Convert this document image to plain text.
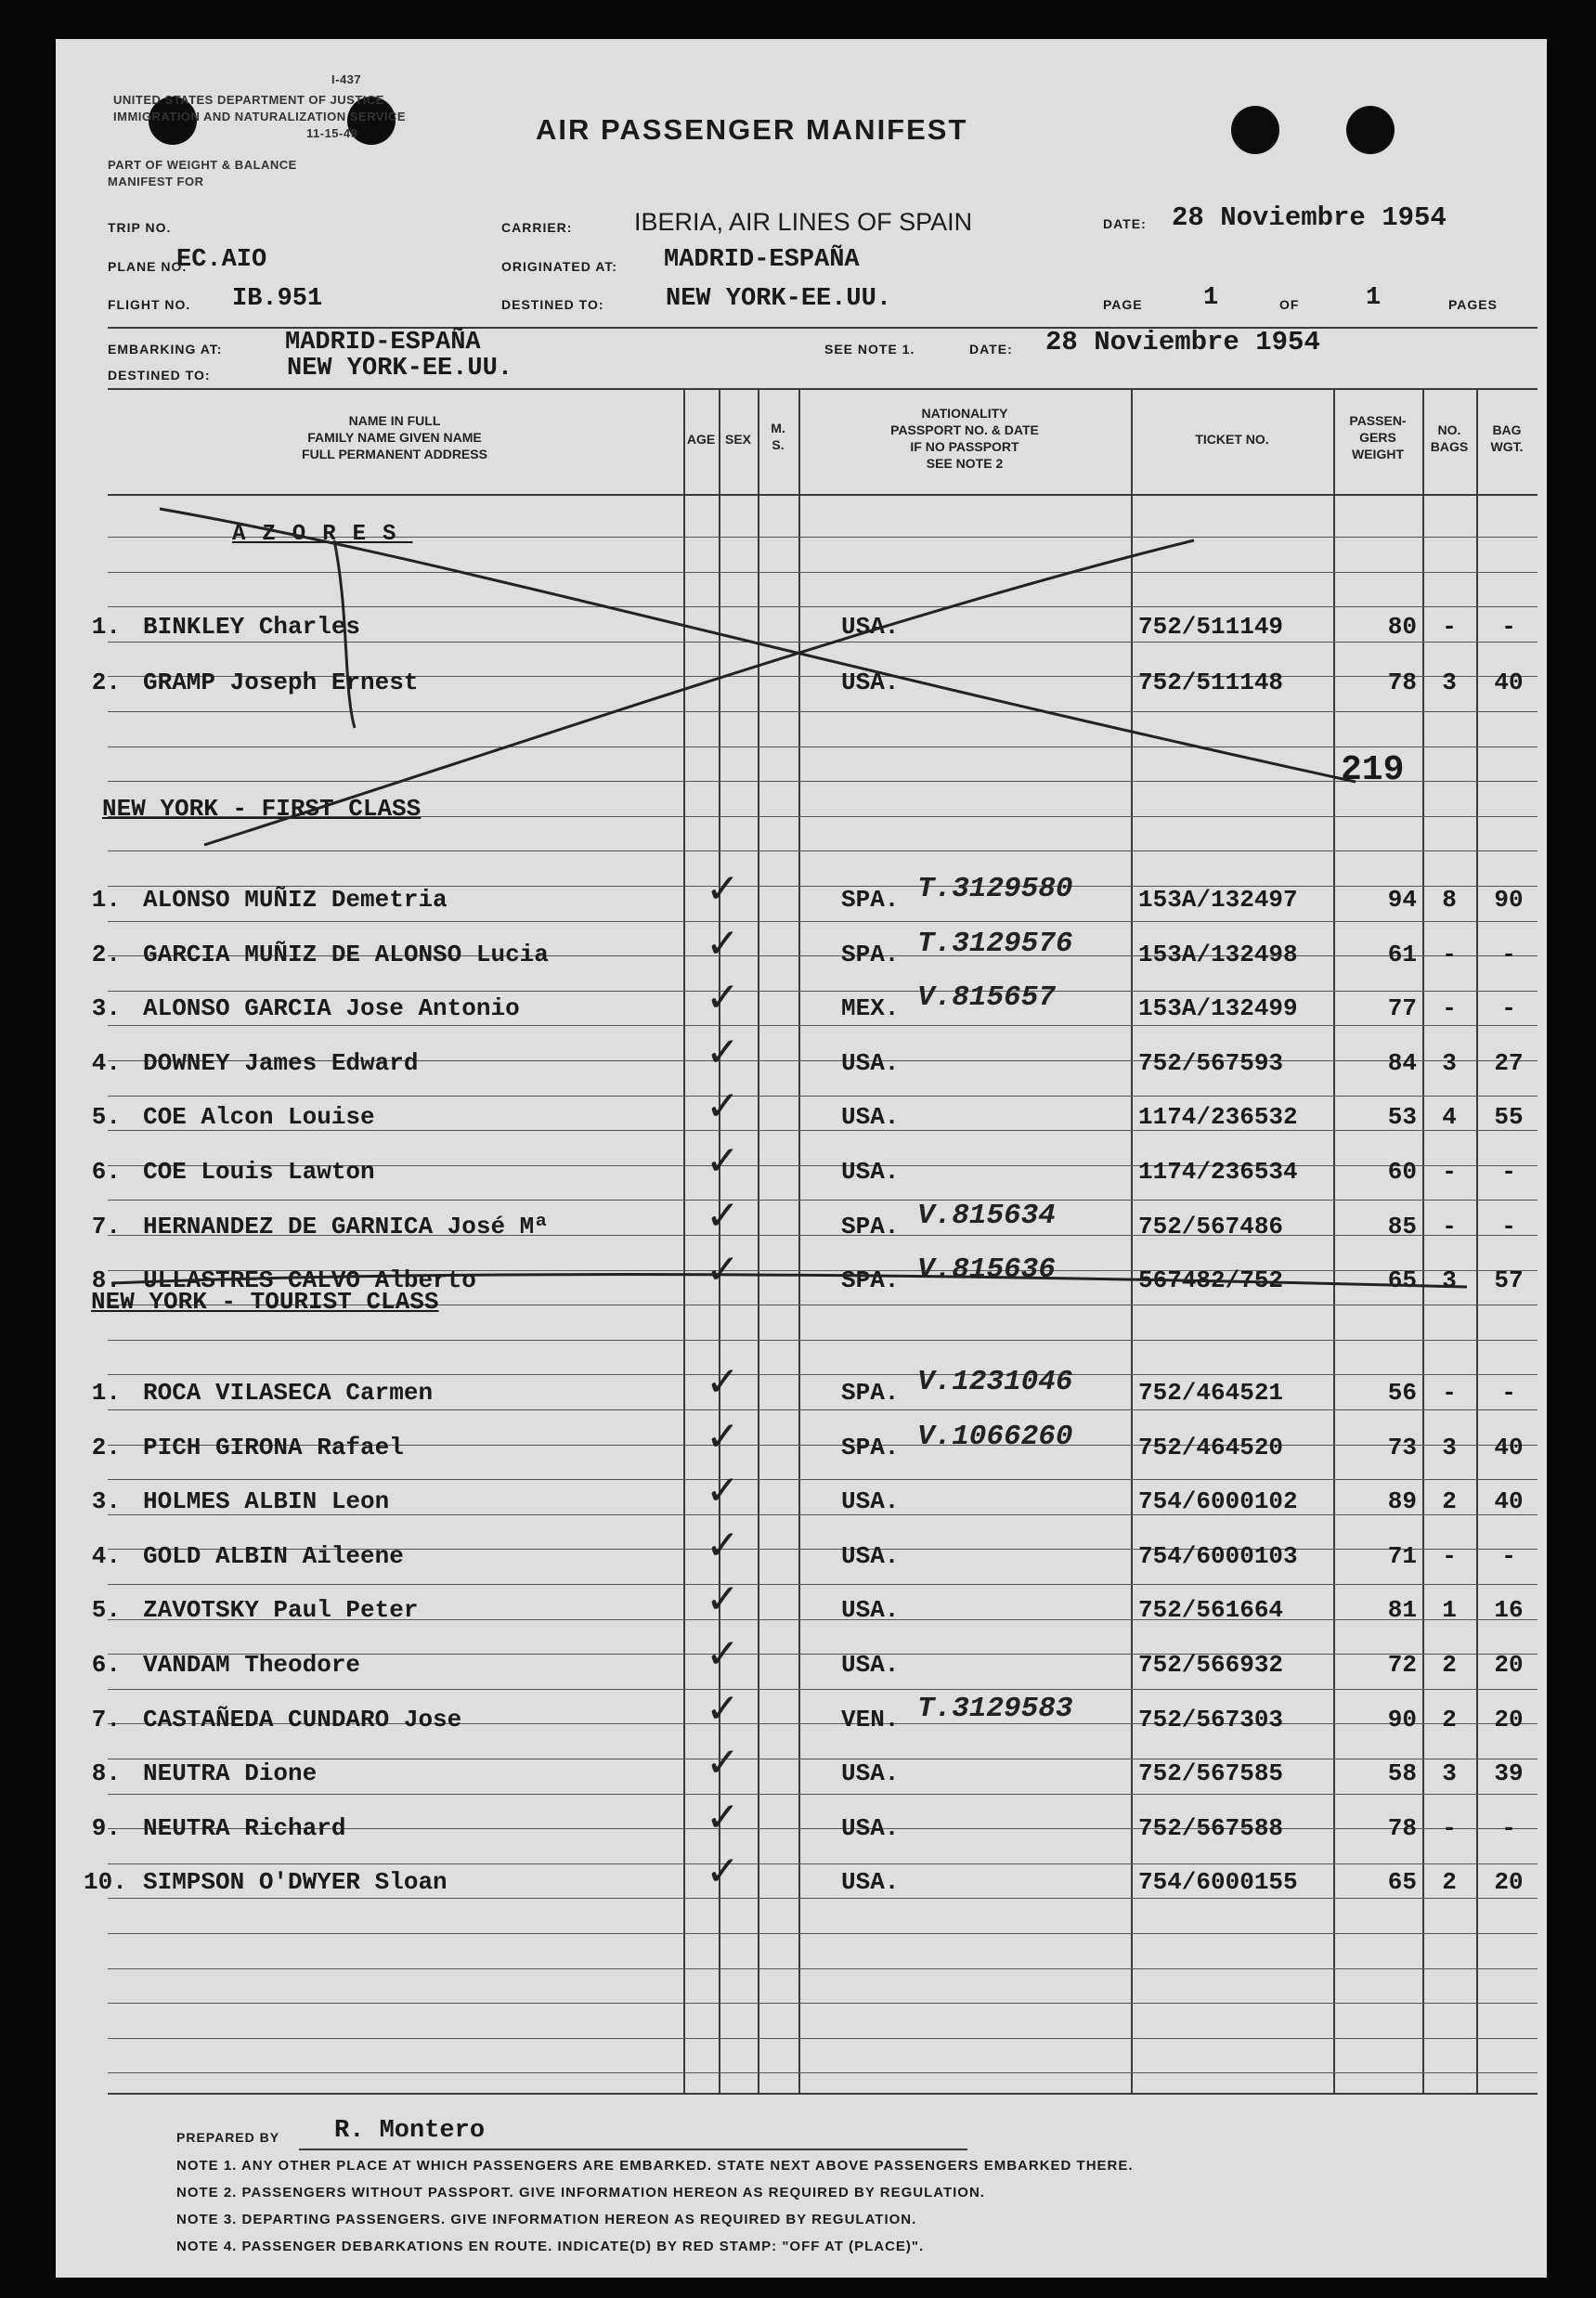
I-437
UNITED STATES DEPARTMENT OF JUSTICE
IMMIGRATION AND NATURALIZATION SERVICE
11-15-49
PART OF WEIGHT & BALANCE
MANIFEST FOR
AIR PASSENGER MANIFEST
TRIP NO.
PLANE NO.
EC.AIO
FLIGHT NO. IB.951
CARRIER: IBERIA, AIR LINES OF SPAIN
ORIGINATED AT: MADRID-ESPAÑA
DESTINED TO: NEW YORK-EE.UU.
DATE: 28 Noviembre 1954
PAGE 1	OF	1	PAGES
EMBARKING AT:	MADRID-ESPAÑA
DESTINED TO:	NEW YORK-EE.UU.
SEE NOTE 1.	DATE: 28 Noviembre 1954
NAME IN FULL
FAMILY NAME GIVEN NAME
FULL PERMANENT ADDRESS
AGE SEX
M. S.
NATIONALITY
PASSPORT NO. & DATE
IF NO PASSPORT
SEE NOTE 2
TICKET NO.
PASSEN-
GERS
WEIGHT
NO.
BAGS
BAG
WGT.
AZORES
219
NEW YORK - FIRST CLASS
NEW YORK - TOURIST CLASS
1. BINKLEY Charles	USA.	752/511149	80	-	-
2. GRAMP Joseph Ernest	USA.	752/511148	78	3	40
1. ALONSO MUÑIZ Demetria	SPA. T.3129580	153A/132497	94	8	90
✓
2. GARCIA MUÑIZ DE ALONSO Lucia	SPA. T.3129576	153A/132498	61	-	-
✓
3. ALONSO GARCIA Jose Antonio	MEX. V.815657	153A/132499	77	-	-
✓
4. DOWNEY James Edward	USA.	752/567593	84	3	27
✓
5. COE Alcon Louise	USA.	1174/236532	53	4	55
✓
6. COE Louis Lawton	USA.	1174/236534	60	-	-
✓
7. HERNANDEZ DE GARNICA José Mª	SPA. V.815634	752/567486	85	-	-
✓
8. ULLASTRES CALVO Alberto	SPA. V.815636	567482/752	65	3	57
✓
1. ROCA VILASECA Carmen	SPA. V.1231046	752/464521	56	-	-
✓
2. PICH GIRONA Rafael	SPA. V.1066260	752/464520	73	3	40
✓
3. HOLMES ALBIN Leon	USA.	754/6000102	89	2	40
✓
4. GOLD ALBIN Aileene	USA.	754/6000103	71	-	-
✓
5. ZAVOTSKY Paul Peter	USA.	752/561664	81	1	16
✓
6. VANDAM Theodore	USA.	752/566932	72	2	20
✓
7. CASTAÑEDA CUNDARO Jose	VEN. T.3129583	752/567303	90	2	20
✓
8. NEUTRA Dione	USA.	752/567585	58	3	39
✓
9. NEUTRA Richard	USA.	752/567588	78	-	-
✓
10. SIMPSON O'DWYER Sloan	USA.	754/6000155	65	2	20
✓
PREPARED BY R. Montero
NOTE 1. ANY OTHER PLACE AT WHICH PASSENGERS ARE EMBARKED. STATE NEXT ABOVE PASSENGERS EMBARKED THERE.
NOTE 2. PASSENGERS WITHOUT PASSPORT. GIVE INFORMATION HEREON AS REQUIRED BY REGULATION.
NOTE 3. DEPARTING PASSENGERS. GIVE INFORMATION HEREON AS REQUIRED BY REGULATION.
NOTE 4. PASSENGER DEBARKATIONS EN ROUTE. INDICATE(D) BY RED STAMP: "OFF AT (PLACE)".
